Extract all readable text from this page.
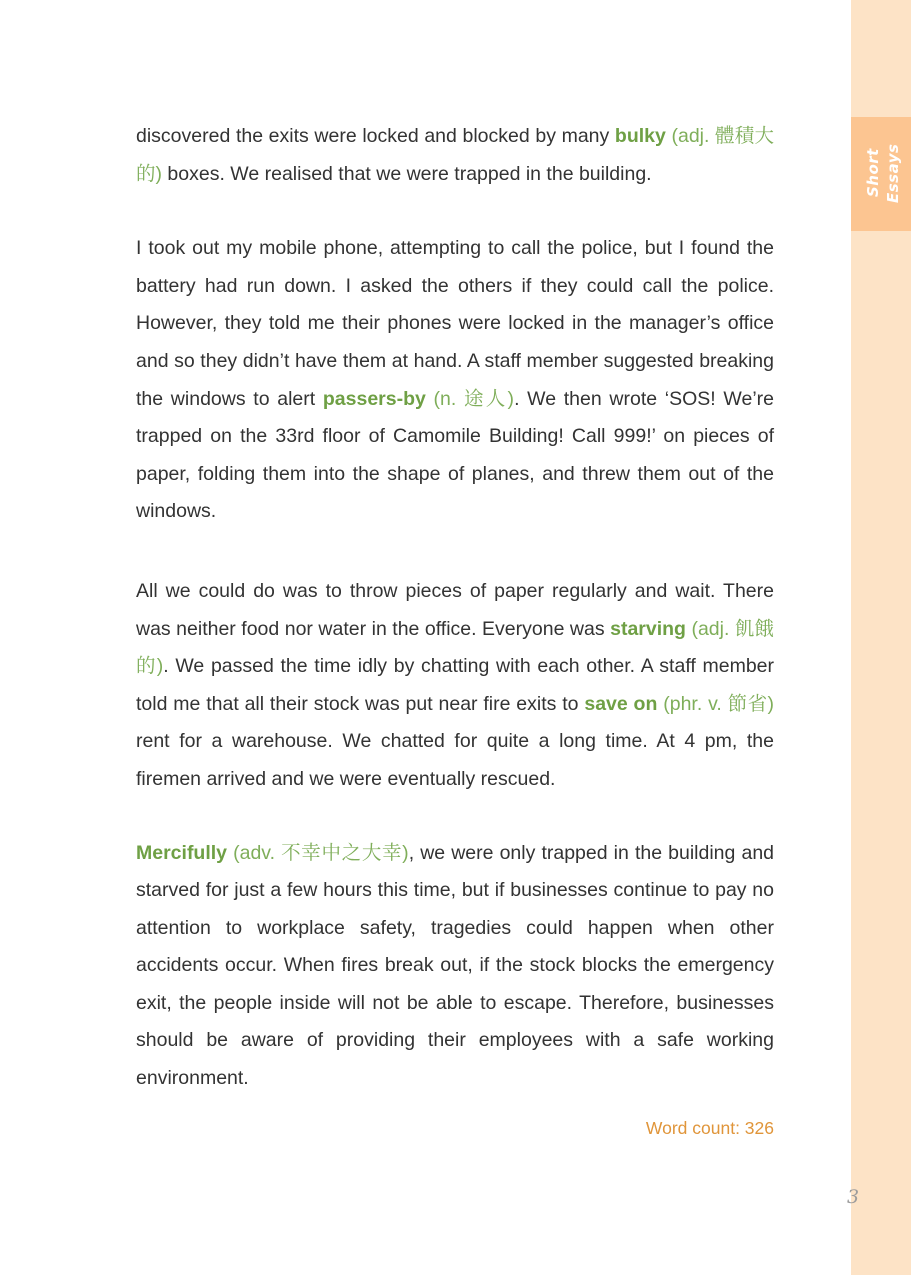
Short Essays
3

discovered the exits were locked and blocked by many bulky (adj. 體積大的) boxes. We realised that we were trapped in the building.

I took out my mobile phone, attempting to call the police, but I found the battery had run down. I asked the others if they could call the police. However, they told me their phones were locked in the manager’s office and so they didn’t have them at hand. A staff member suggested breaking the windows to alert passers-by (n. 途人). We then wrote ‘SOS! We’re trapped on the 33rd floor of Camomile Building! Call 999!’ on pieces of paper, folding them into the shape of planes, and threw them out of the windows.

All we could do was to throw pieces of paper regularly and wait. There was neither food nor water in the office. Everyone was starving (adj. 飢餓的). We passed the time idly by chatting with each other. A staff member told me that all their stock was put near fire exits to save on (phr. v. 節省) rent for a warehouse. We chatted for quite a long time. At 4 pm, the firemen arrived and we were eventually rescued.

Mercifully (adv. 不幸中之大幸), we were only trapped in the building and starved for just a few hours this time, but if businesses continue to pay no attention to workplace safety, tragedies could happen when other accidents occur. When fires break out, if the stock blocks the emergency exit, the people inside will not be able to escape. Therefore, businesses should be aware of providing their employees with a safe working environment.

Word count: 326
